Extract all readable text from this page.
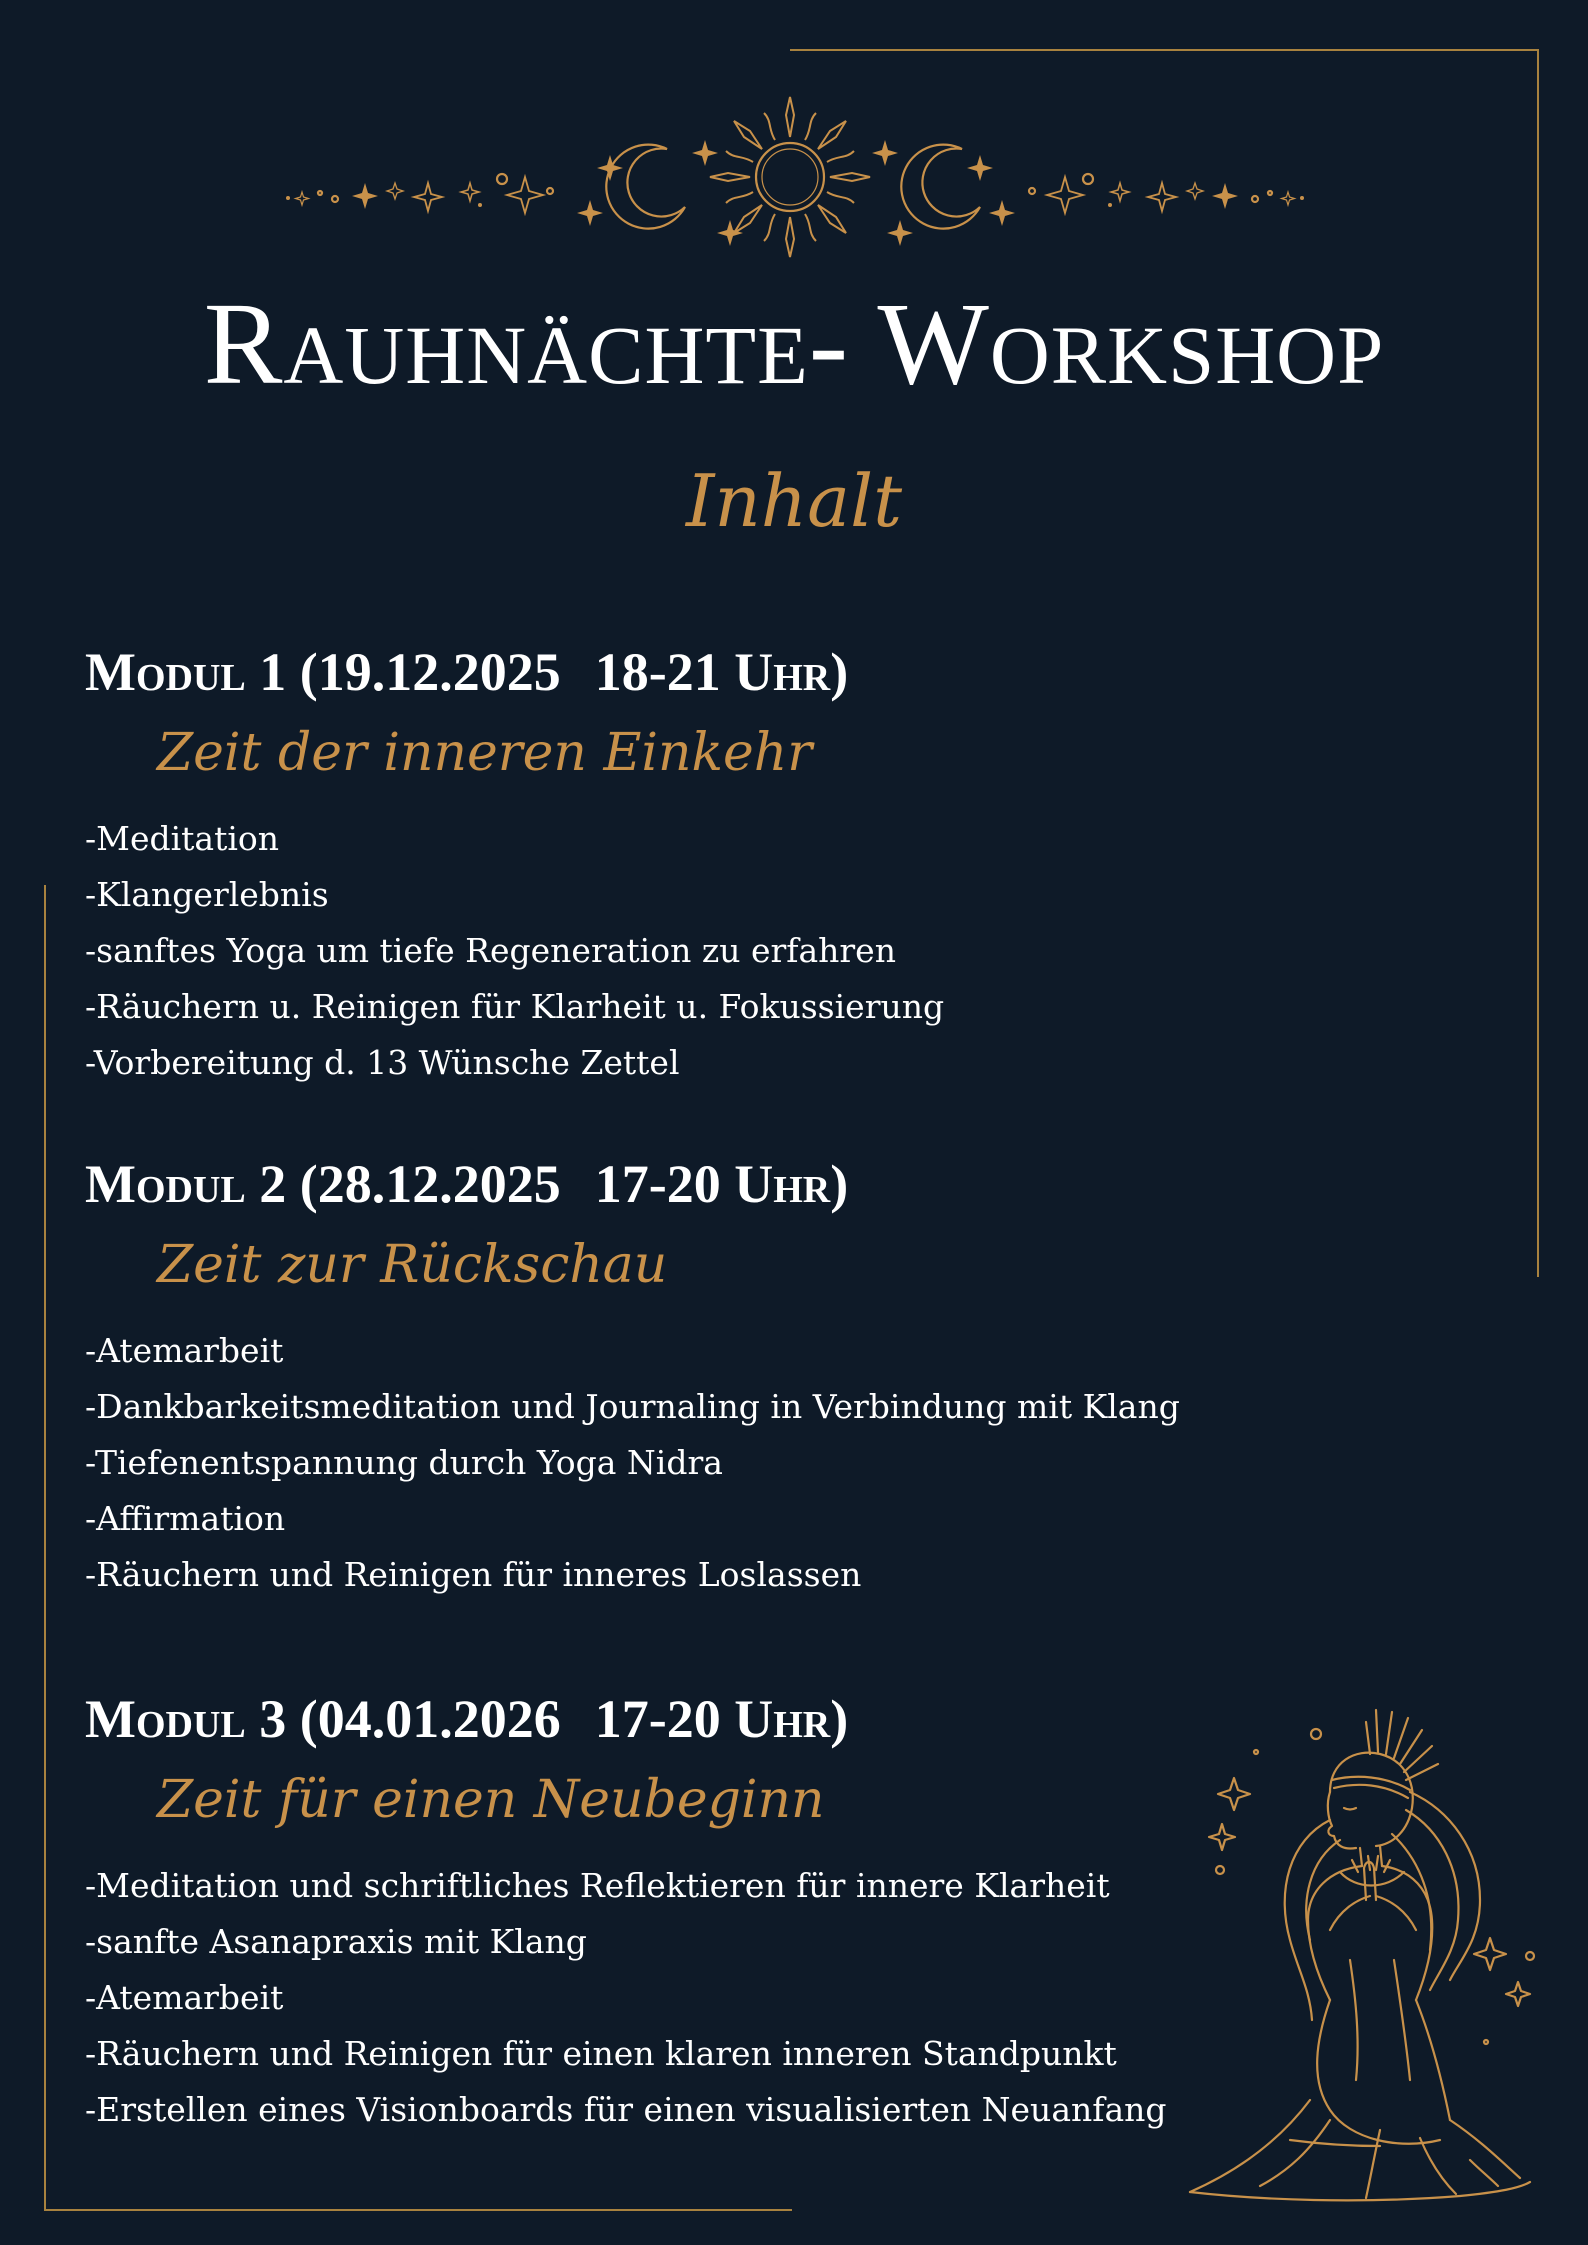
Rauhnächte- Workshop
Inhalt
Modul 1 (19.12.2025 18-21 Uhr)
Zeit der inneren Einkehr
-Meditation
-Klangerlebnis
-sanftes Yoga um tiefe Regeneration zu erfahren
-Räuchern u. Reinigen für Klarheit u. Fokussierung
-Vorbereitung d. 13 Wünsche Zettel
Modul 2 (28.12.2025 17-20 Uhr)
Zeit zur Rückschau
-Atemarbeit
-Dankbarkeitsmeditation und Journaling in Verbindung mit Klang
-Tiefenentspannung durch Yoga Nidra
-Affirmation
-Räuchern und Reinigen für inneres Loslassen
Modul 3 (04.01.2026 17-20 Uhr)
Zeit für einen Neubeginn
-Meditation und schriftliches Reflektieren für innere Klarheit
-sanfte Asanapraxis mit Klang
-Atemarbeit
-Räuchern und Reinigen für einen klaren inneren Standpunkt
-Erstellen eines Visionboards für einen visualisierten Neuanfang
